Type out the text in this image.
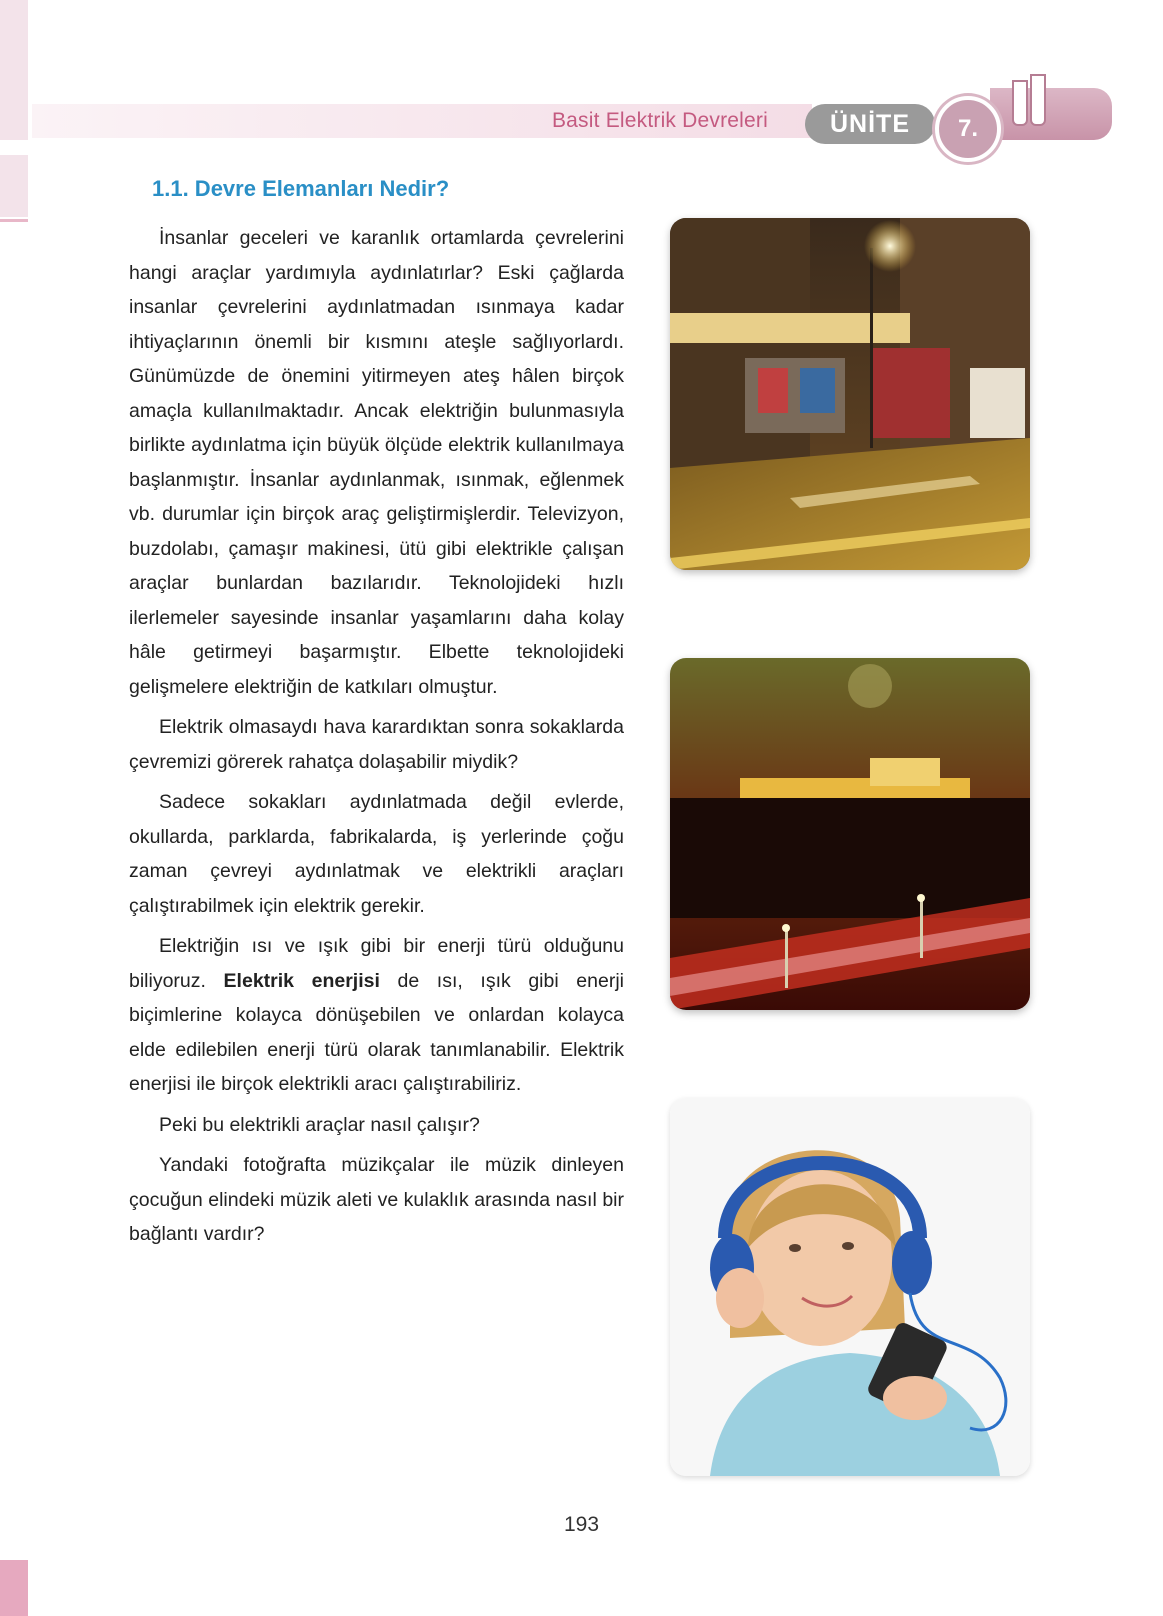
Basit Elektrik Devreleri	ÜNİTE	7.
1.1. Devre Elemanları Nedir?

İnsanlar geceleri ve karanlık ortamlarda çevrelerini hangi araçlar yardımıyla aydınlatırlar? Eski çağlarda insanlar çevrelerini aydınlatmadan ısınmaya kadar ihtiyaçlarının önemli bir kısmını ateşle sağlıyorlardı. Günümüzde de önemini yitirmeyen ateş hâlen birçok amaçla kullanılmaktadır. Ancak elektriğin bulunmasıyla birlikte aydınlatma için büyük ölçüde elektrik kullanılmaya başlanmıştır. İnsanlar aydınlanmak, ısınmak, eğlenmek vb. durumlar için birçok araç geliştirmişlerdir. Televizyon, buzdolabı, çamaşır makinesi, ütü gibi elektrikle çalışan araçlar bunlardan bazılarıdır. Teknolojideki hızlı ilerlemeler sayesinde insanlar yaşamlarını daha kolay hâle getirmeyi başarmıştır. Elbette teknolojideki gelişmelere elektriğin de katkıları olmuştur.

Elektrik olmasaydı hava karardıktan sonra sokaklarda çevremizi görerek rahatça dolaşabilir miydik?

Sadece sokakları aydınlatmada değil evlerde, okullarda, parklarda, fabrikalarda, iş yerlerinde çoğu zaman çevreyi aydınlatmak ve elektrikli araçları çalıştırabilmek için elektrik gerekir.

Elektriğin ısı ve ışık gibi bir enerji türü olduğunu biliyoruz. Elektrik enerjisi de ısı, ışık gibi enerji biçimlerine kolayca dönüşebilen ve onlardan kolayca elde edilebilen enerji türü olarak tanımlanabilir. Elektrik enerjisi ile birçok elektrikli aracı çalıştırabiliriz.

Peki bu elektrikli araçlar nasıl çalışır?

Yandaki fotoğrafta müzikçalar ile müzik dinleyen çocuğun elindeki müzik aleti ve kulaklık arasında nasıl bir bağlantı vardır?

193
